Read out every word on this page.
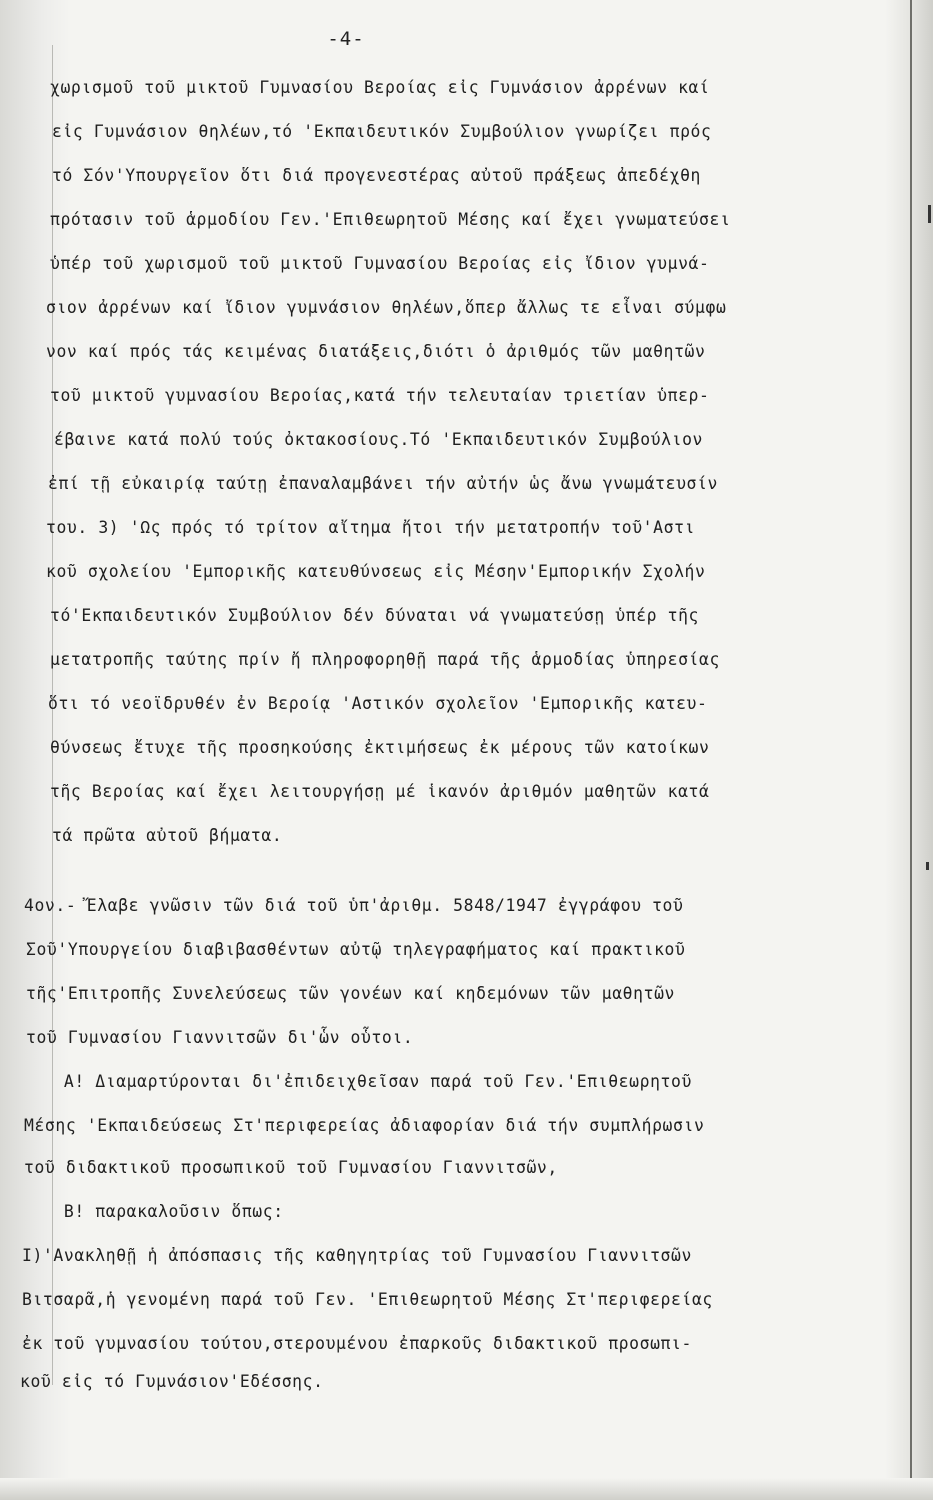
-4-
χωρισμοῦ τοῦ μικτοῦ Γυμνασίου Βεροίας εἰς Γυμνάσιον ἀρρένων καί
εἰς Γυμνάσιον θηλέων,τό 'Εκπαιδευτικόν Συμβούλιον γνωρίζει πρός
τό Σόν'Υπουργεῖον ὅτι διά προγενεστέρας αὐτοῦ πράξεως ἀπεδέχθη
πρότασιν τοῦ ἁρμοδίου Γεν.'Επιθεωρητοῦ Μέσης καί ἔχει γνωματεύσει
ὑπέρ τοῦ χωρισμοῦ τοῦ μικτοῦ Γυμνασίου Βεροίας εἰς ἴδιον γυμνά-
σιον ἀρρένων καί ἴδιον γυμνάσιον θηλέων,ὅπερ ἄλλως τε εἶναι σύμφω
νον καί πρός τάς κειμένας διατάξεις,διότι ὁ ἀριθμός τῶν μαθητῶν
τοῦ μικτοῦ γυμνασίου Βεροίας,κατά τήν τελευταίαν τριετίαν ὑπερ-
έβαινε κατά πολύ τούς ὀκτακοσίους.Τό 'Εκπαιδευτικόν Συμβούλιον
ἐπί τῇ εὐκαιρίᾳ ταύτῃ ἐπαναλαμβάνει τήν αὐτήν ὡς ἄνω γνωμάτευσίν
του. 3) 'Ως πρός τό τρίτον αἴτημα ἤτοι τήν μετατροπήν τοῦ'Αστι
κοῦ σχολείου 'Εμπορικῆς κατευθύνσεως εἰς Μέσην'Εμπορικήν Σχολήν
τό'Εκπαιδευτικόν Συμβούλιον δέν δύναται νά γνωματεύσῃ ὑπέρ τῆς
μετατροπῆς ταύτης πρίν ἤ πληροφορηθῇ παρά τῆς ἁρμοδίας ὑπηρεσίας
ὅτι τό νεοϊδρυθέν ἐν Βεροίᾳ 'Αστικόν σχολεῖον 'Εμπορικῆς κατευ-
θύνσεως ἔτυχε τῆς προσηκούσης ἐκτιμήσεως ἐκ μέρους τῶν κατοίκων
τῆς Βεροίας καί ἔχει λειτουργήσῃ μέ ἱκανόν ἀριθμόν μαθητῶν κατά
τά πρῶτα αὐτοῦ βήματα.
4ον.- Ἔλαβε γνῶσιν τῶν διά τοῦ ὑπ'ἀριθμ. 5848/1947 ἐγγράφου τοῦ
Σοῦ'Υπουργείου διαβιβασθέντων αὐτῷ τηλεγραφήματος καί πρακτικοῦ
τῆς'Επιτροπῆς Συνελεύσεως τῶν γονέων καί κηδεμόνων τῶν μαθητῶν
τοῦ Γυμνασίου Γιαννιτσῶν δι'ὧν οὗτοι.
Α! Διαμαρτύρονται δι'ἐπιδειχθεῖσαν παρά τοῦ Γεν.'Επιθεωρητοῦ
Μέσης 'Εκπαιδεύσεως Στ'περιφερείας ἀδιαφορίαν διά τήν συμπλήρωσιν
τοῦ διδακτικοῦ προσωπικοῦ τοῦ Γυμνασίου Γιαννιτσῶν,
Β! παρακαλοῦσιν ὅπως:
Ι)'Ανακληθῇ ἡ ἀπόσπασις τῆς καθηγητρίας τοῦ Γυμνασίου Γιαννιτσῶν
Βιτσαρᾶ,ἡ γενομένη παρά τοῦ Γεν. 'Επιθεωρητοῦ Μέσης Στ'περιφερείας
ἐκ τοῦ γυμνασίου τούτου,στερουμένου ἐπαρκοῦς διδακτικοῦ προσωπι-
κοῦ εἰς τό Γυμνάσιον'Εδέσσης.
